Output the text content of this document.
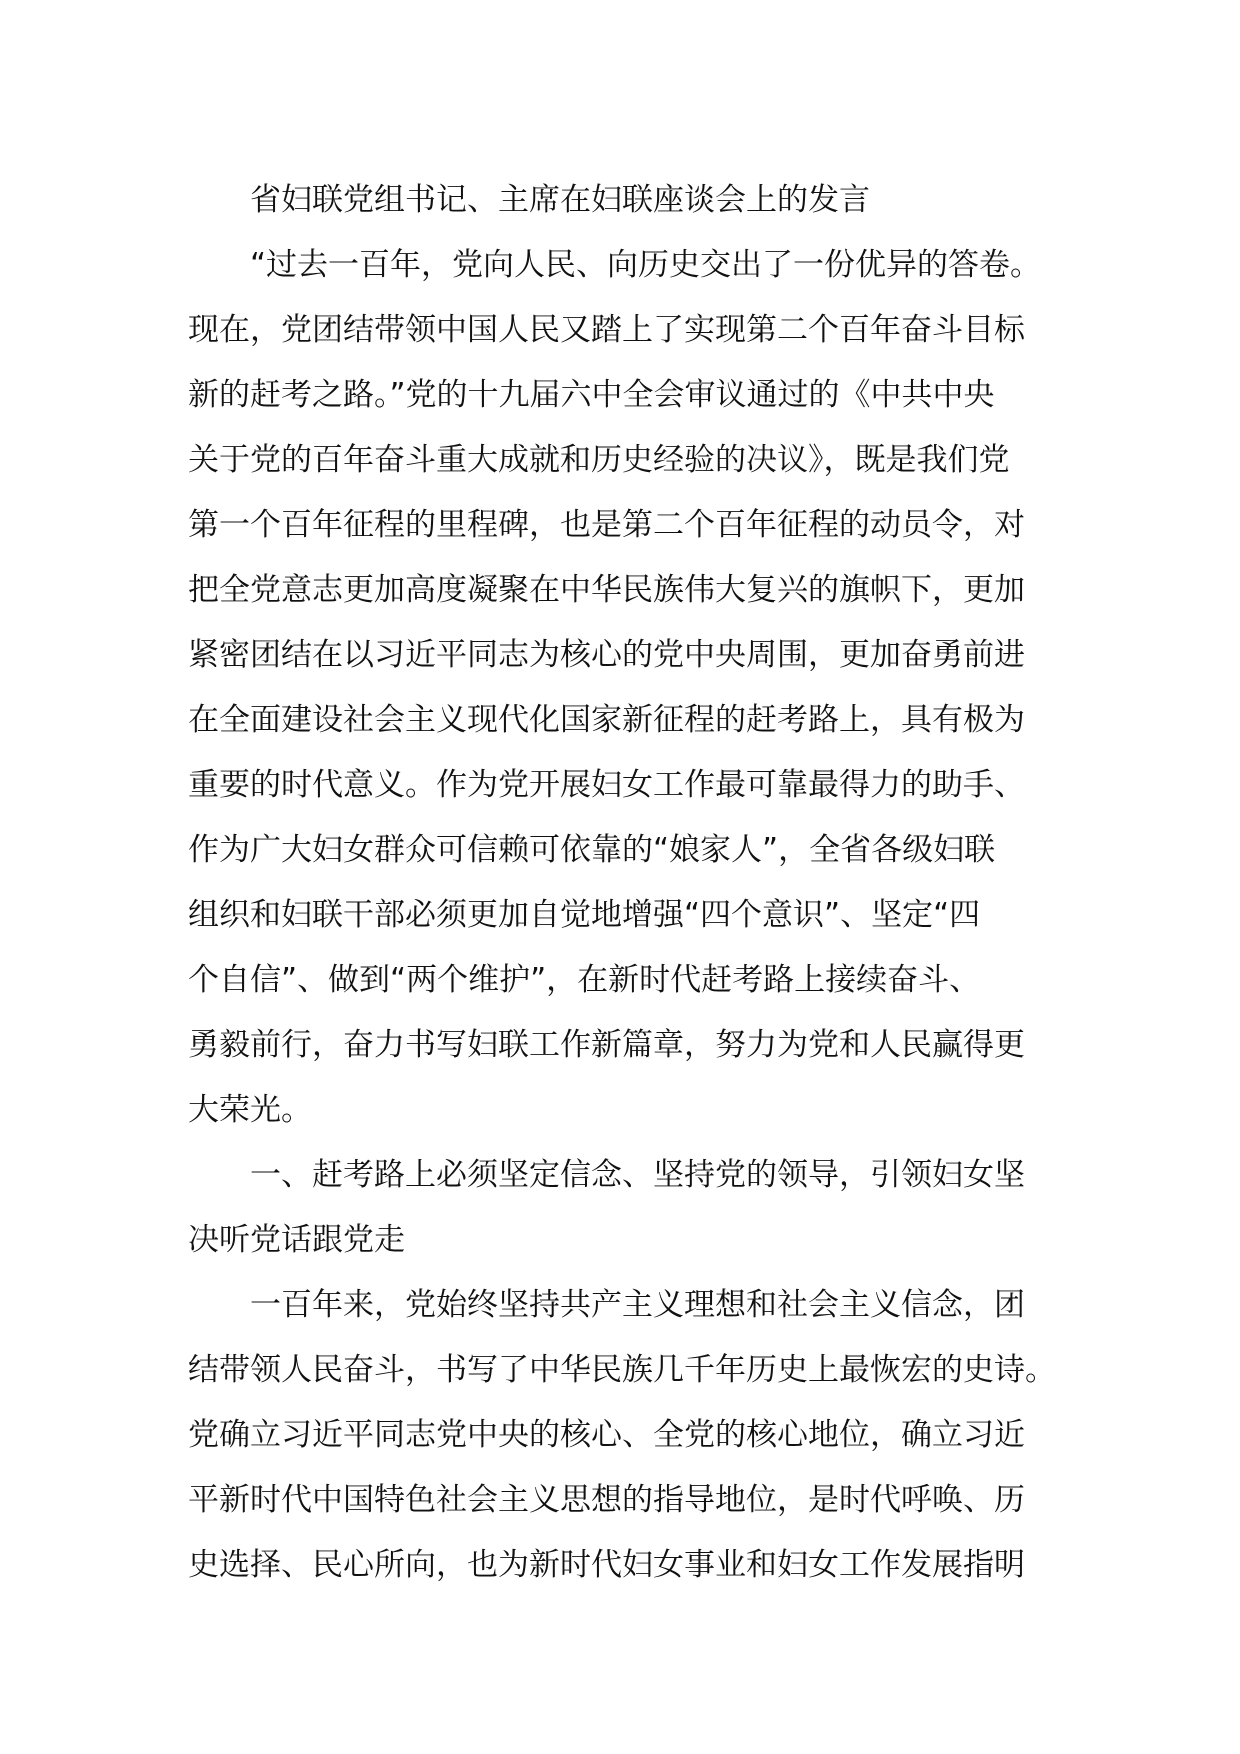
省妇联党组书记、主席在妇联座谈会上的发言
“过去一百年，党向人民、向历史交出了一份优异的答卷。
现在，党团结带领中国人民又踏上了实现第二个百年奋斗目标
新的赶考之路。”党的十九届六中全会审议通过的《中共中央
关于党的百年奋斗重大成就和历史经验的决议》，既是我们党
第一个百年征程的里程碑，也是第二个百年征程的动员令，对
把全党意志更加高度凝聚在中华民族伟大复兴的旗帜下，更加
紧密团结在以习近平同志为核心的党中央周围，更加奋勇前进
在全面建设社会主义现代化国家新征程的赶考路上，具有极为
重要的时代意义。作为党开展妇女工作最可靠最得力的助手、
作为广大妇女群众可信赖可依靠的“娘家人”，全省各级妇联
组织和妇联干部必须更加自觉地增强“四个意识”、坚定“四
个自信”、做到“两个维护”，在新时代赶考路上接续奋斗、
勇毅前行，奋力书写妇联工作新篇章，努力为党和人民赢得更
大荣光。
一、赶考路上必须坚定信念、坚持党的领导，引领妇女坚
决听党话跟党走
一百年来，党始终坚持共产主义理想和社会主义信念，团
结带领人民奋斗，书写了中华民族几千年历史上最恢宏的史诗。
党确立习近平同志党中央的核心、全党的核心地位，确立习近
平新时代中国特色社会主义思想的指导地位，是时代呼唤、历
史选择、民心所向，也为新时代妇女事业和妇女工作发展指明
